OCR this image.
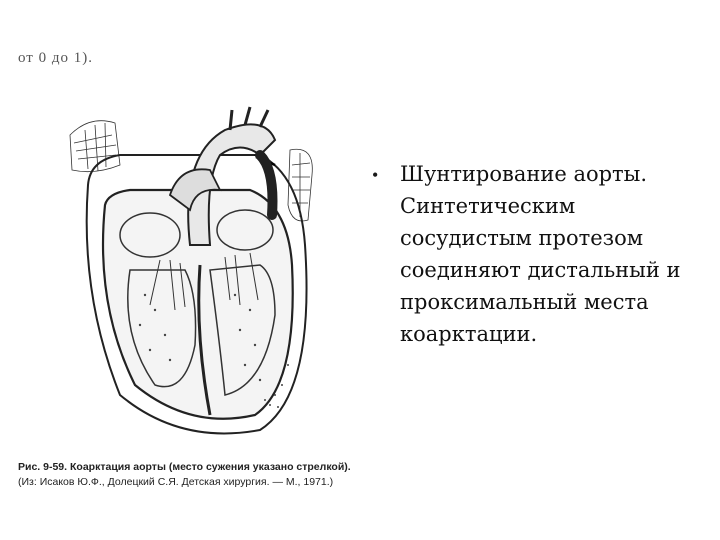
от 0 до 1).
Рис. 9-59. Коарктация аорты (место сужения указано стрелкой). (Из: Исаков Ю.Ф., Долецкий С.Я. Детская хирургия. — М., 1971.)
• Шунтирование аорты. Синтетическим сосудистым протезом соединяют дистальный и проксимальный места коарктации.
